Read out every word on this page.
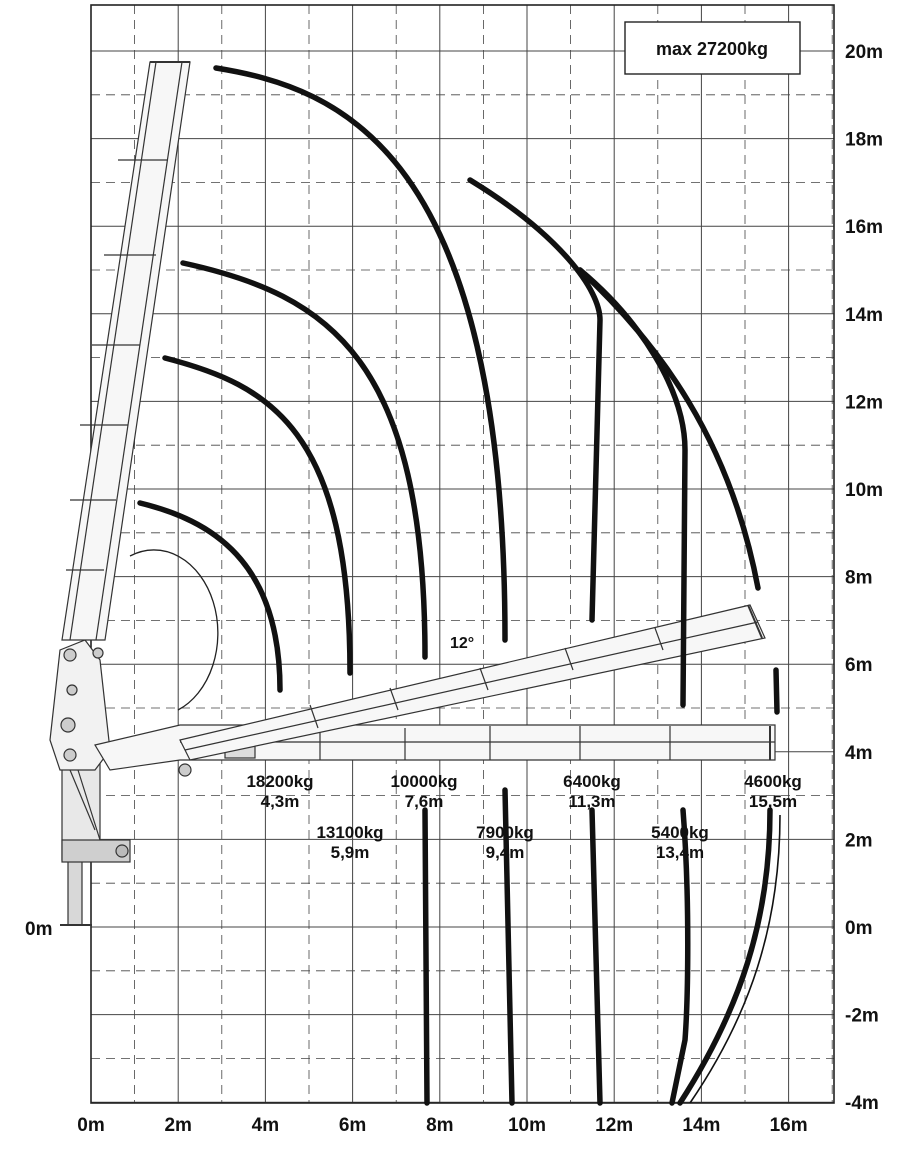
max 27200kg
0m	2m	4m	6m	8m	10m	12m	14m	16m
20m
18m
16m
14m
12m
10m
8m
6m
4m
2m
0m
-2m
-4m
18200kg
4,3m
13100kg
5,9m
10000kg
7,6m
7900kg
9,4m
6400kg
11,3m
5400kg
13,4m
4600kg
15,5m
0m
12°
